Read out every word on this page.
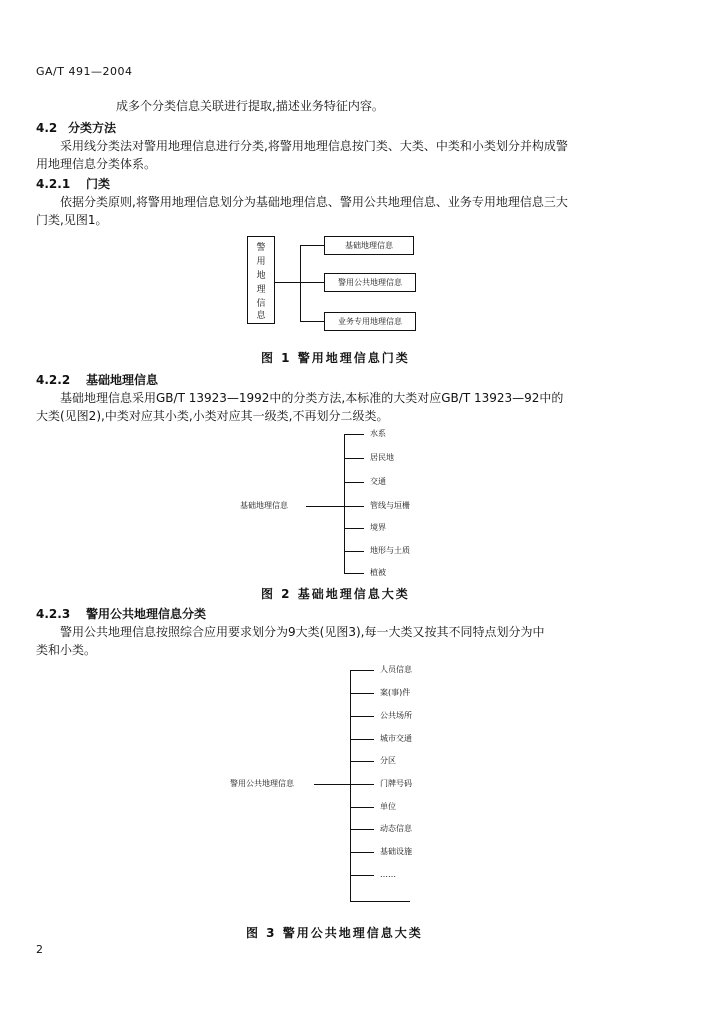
GA/T 491—2004
成多个分类信息关联进行提取,描述业务特征内容。
4.2 分类方法
采用线分类法对警用地理信息进行分类,将警用地理信息按门类、大类、中类和小类划分并构成警
用地理信息分类体系。
4.2.1 门类
依据分类原则,将警用地理信息划分为基础地理信息、警用公共地理信息、业务专用地理信息三大
门类,见图1。
警
用
地
理
信
息
基础地理信息
警用公共地理信息
业务专用地理信息
图 1 警用地理信息门类
4.2.2 基础地理信息
基础地理信息采用GB/T 13923—1992中的分类方法,本标准的大类对应GB/T 13923—92中的
大类(见图2),中类对应其小类,小类对应其一级类,不再划分二级类。
基础地理信息
水系
居民地
交通
管线与垣栅
境界
地形与土质
植被
图 2 基础地理信息大类
4.2.3 警用公共地理信息分类
警用公共地理信息按照综合应用要求划分为9大类(见图3),每一大类又按其不同特点划分为中
类和小类。
警用公共地理信息
人员信息
案(事)件
公共场所
城市交通
分区
门牌号码
单位
动态信息
基础设施
……
图 3 警用公共地理信息大类
2
